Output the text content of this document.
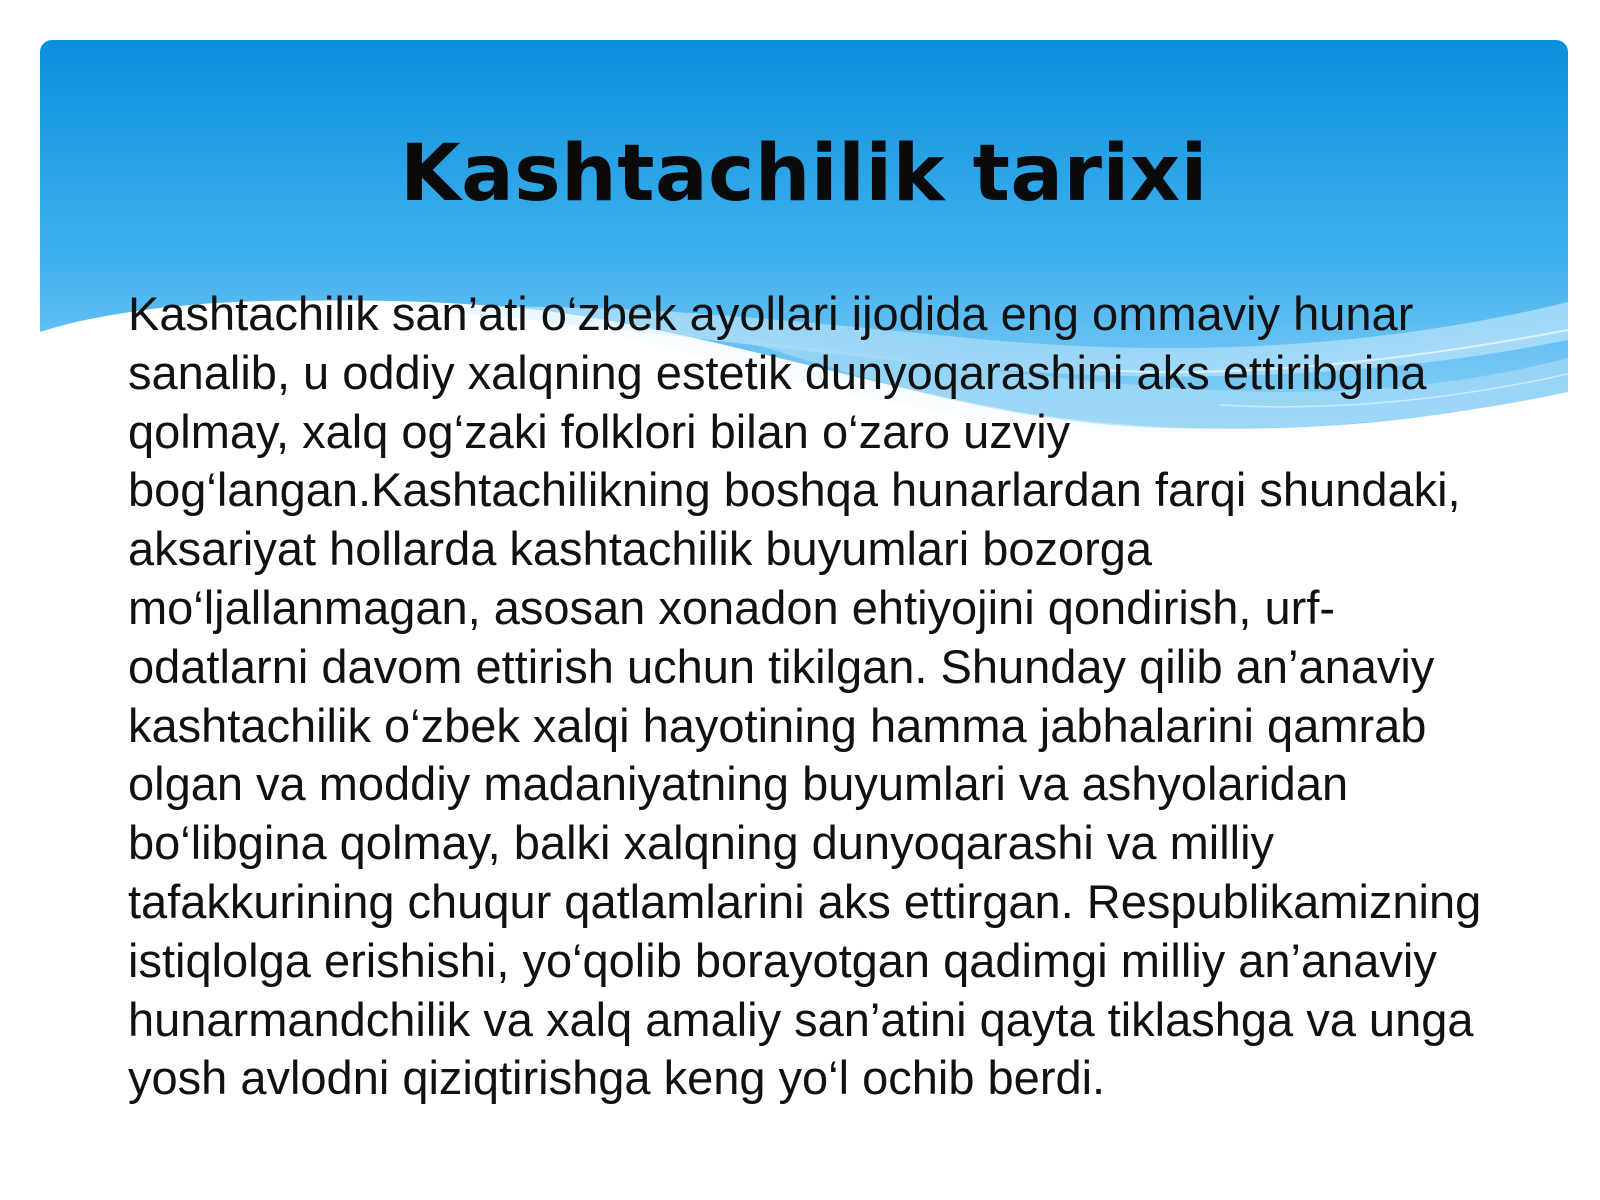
Kashtachilik tarixi

Kashtachilik san’ati o‘zbek ayollari ijodida eng ommaviy hunar sanalib, u oddiy xalqning estetik dunyoqarashini aks ettiribgina qolmay, xalq og‘zaki folklori bilan o‘zaro uzviy bog‘langan.Kashtachilikning boshqa hunarlardan farqi shundaki, aksariyat hollarda kashtachilik buyumlari bozorga mo‘ljallanmagan, asosan xonadon ehtiyojini qondirish, urf-odatlarni davom ettirish uchun tikilgan. Shunday qilib an’anaviy kashtachilik o‘zbek xalqi hayotining hamma jabhalarini qamrab olgan va moddiy madaniyatning buyumlari va ashyolaridan bo‘libgina qolmay, balki xalqning dunyoqarashi va milliy tafakkurining chuqur qatlamlarini aks ettirgan. Respublikamizning istiqlolga erishishi, yo‘qolib borayotgan qadimgi milliy an’anaviy hunarmandchilik va xalq amaliy san’atini qayta tiklashga va unga yosh avlodni qiziqtirishga keng yo‘l ochib berdi.
